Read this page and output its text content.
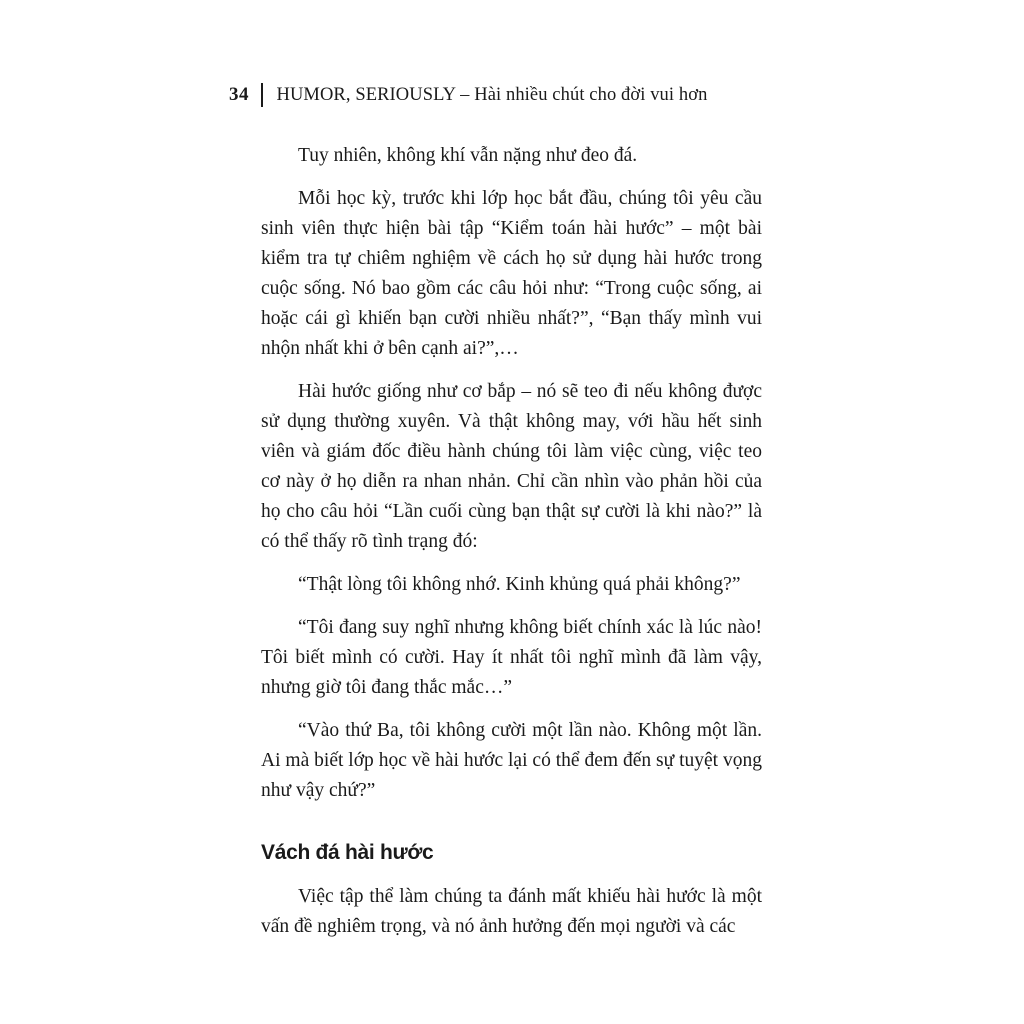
34 HUMOR, SERIOUSLY – Hài nhiều chút cho đời vui hơn

Tuy nhiên, không khí vẫn nặng như đeo đá.

Mỗi học kỳ, trước khi lớp học bắt đầu, chúng tôi yêu cầu sinh viên thực hiện bài tập “Kiểm toán hài hước” – một bài kiểm tra tự chiêm nghiệm về cách họ sử dụng hài hước trong cuộc sống. Nó bao gồm các câu hỏi như: “Trong cuộc sống, ai hoặc cái gì khiến bạn cười nhiều nhất?”, “Bạn thấy mình vui nhộn nhất khi ở bên cạnh ai?”,…

Hài hước giống như cơ bắp – nó sẽ teo đi nếu không được sử dụng thường xuyên. Và thật không may, với hầu hết sinh viên và giám đốc điều hành chúng tôi làm việc cùng, việc teo cơ này ở họ diễn ra nhan nhản. Chỉ cần nhìn vào phản hồi của họ cho câu hỏi “Lần cuối cùng bạn thật sự cười là khi nào?” là có thể thấy rõ tình trạng đó:

“Thật lòng tôi không nhớ. Kinh khủng quá phải không?”

“Tôi đang suy nghĩ nhưng không biết chính xác là lúc nào! Tôi biết mình có cười. Hay ít nhất tôi nghĩ mình đã làm vậy, nhưng giờ tôi đang thắc mắc…”

“Vào thứ Ba, tôi không cười một lần nào. Không một lần. Ai mà biết lớp học về hài hước lại có thể đem đến sự tuyệt vọng như vậy chứ?”

Vách đá hài hước

Việc tập thể làm chúng ta đánh mất khiếu hài hước là một vấn đề nghiêm trọng, và nó ảnh hưởng đến mọi người và các
